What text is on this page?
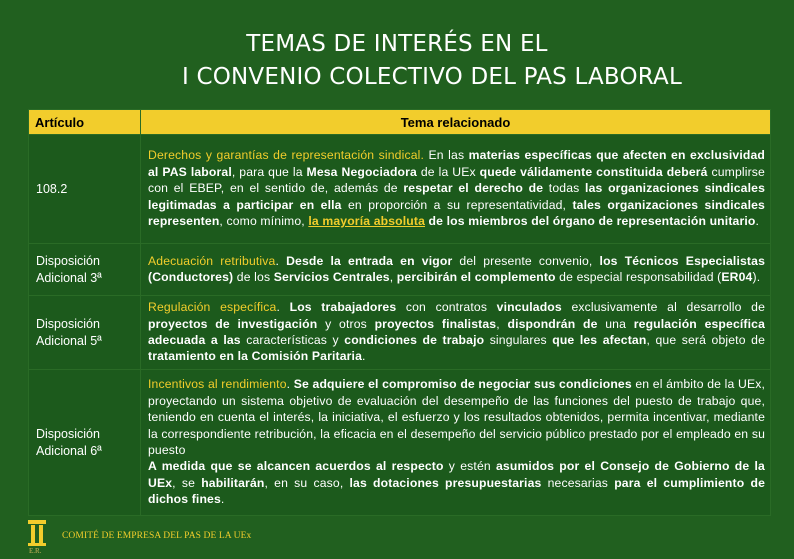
TEMAS DE INTERÉS EN EL

I CONVENIO COLECTIVO DEL PAS LABORAL
Artículo	Tema relacionado
108.2	Derechos y garantías de representación sindical. En las materias específicas que afecten en exclusividad al PAS laboral, para que la Mesa Negociadora de la UEx quede válidamente constituida deberá cumplirse con el EBEP, en el sentido de, además de respetar el derecho de todas las organizaciones sindicales legitimadas a participar en ella en proporción a su representatividad, tales organizaciones sindicales representen, como mínimo, la mayoría absoluta de los miembros del órgano de representación unitario.
Disposición Adicional 3ª	Adecuación retributiva. Desde la entrada en vigor del presente convenio, los Técnicos Especialistas (Conductores) de los Servicios Centrales, percibirán el complemento de especial responsabilidad (ER04).
Disposición Adicional 5ª	Regulación específica. Los trabajadores con contratos vinculados exclusivamente al desarrollo de proyectos de investigación y otros proyectos finalistas, dispondrán de una regulación específica adecuada a las características y condiciones de trabajo singulares que les afectan, que será objeto de tratamiento en la Comisión Paritaria.
Disposición Adicional 6ª	Incentivos al rendimiento. Se adquiere el compromiso de negociar sus condiciones en el ámbito de la UEx, proyectando un sistema objetivo de evaluación del desempeño de las funciones del puesto de trabajo que, teniendo en cuenta el interés, la iniciativa, el esfuerzo y los resultados obtenidos, permita incentivar, mediante la correspondiente retribución, la eficacia en el desempeño del servicio público prestado por el empleado en su puesto
A medida que se alcancen acuerdos al respecto y estén asumidos por el Consejo de Gobierno de la UEx, se habilitarán, en su caso, las dotaciones presupuestarias necesarias para el cumplimiento de dichos fines.
E.R.
COMITÉ DE EMPRESA DEL PAS DE LA UEx
